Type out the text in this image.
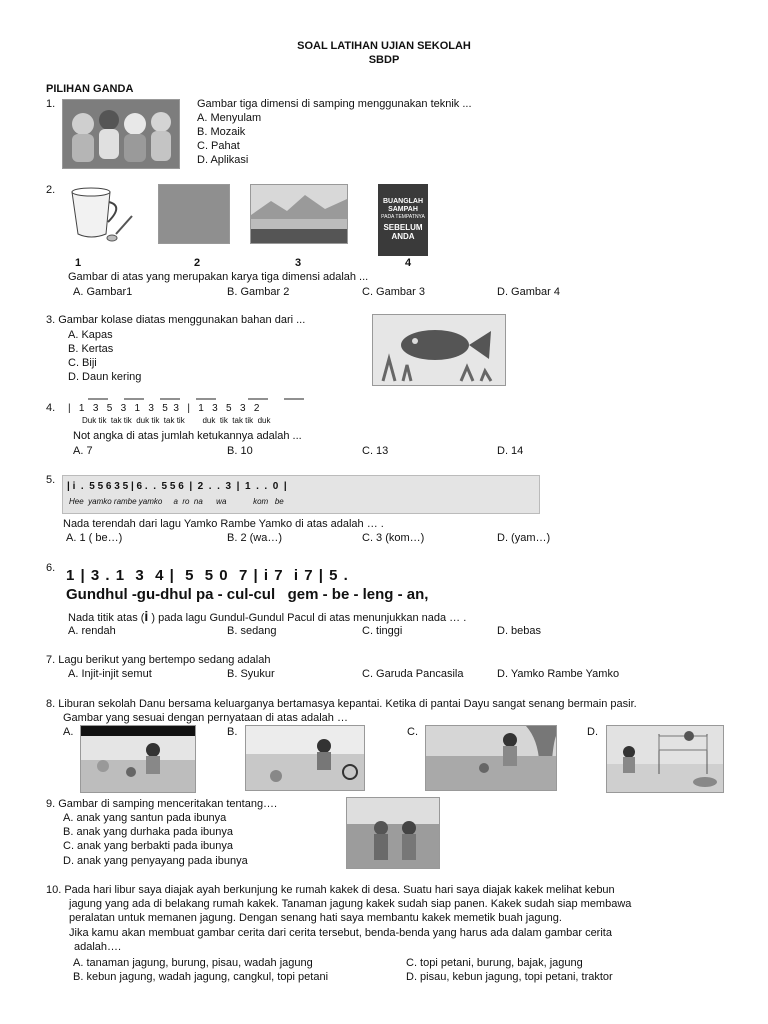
SOAL LATIHAN UJIAN SEKOLAH
SBDP
PILIHAN GANDA
1.	Gambar tiga dimensi di samping menggunakan teknik ...
A. Menyulam
B. Mozaik
C. Pahat
D. Aplikasi
2.
BUANGLAH
SAMPAH
PADA TEMPATNYA
SEBELUM
ANDA
1	2	3	4
Gambar di atas yang merupakan karya tiga dimensi adalah ...
A. Gambar1	B. Gambar 2	C. Gambar 3	D. Gambar 4
3. Gambar kolase diatas menggunakan bahan dari ...
A. Kapas
B. Kertas
C. Biji
D. Daun kering
4. |   1   3   5   3   1   3   5  3   |   1   3   5   3   2
Duk tik  tak tik  duk tik  tak tik        duk  tik  tak tik  duk
Not angka di atas jumlah ketukannya adalah ...
A. 7	B. 10	C. 13	D. 14
5.
| i  .  5 5 6 3 5 | 6 .  .  5 5 6  |  2  .  .  3  |  1  .  .  0  |
Hee  yamko rambe yamko     a  ro  na      wa            kom   be
Nada terendah dari lagu Yamko Rambe Yamko di atas adalah … .
A. 1 ( be…)	B. 2 (wa…)	C. 3 (kom…)	D. (yam…)
6. 1 | 3 . 1  3  4 |  5  5 0  7 | i 7  i 7 | 5 .
Gundhul -gu-dhul pa - cul-cul   gem - be - leng - an,
Nada titik atas (i ) pada lagu Gundul-Gundul Pacul di atas menunjukkan nada … .
A. rendah	B. sedang	C. tinggi	D. bebas
7. Lagu berikut yang bertempo sedang adalah
A. Injit-injit semut	B. Syukur	C. Garuda Pancasila	D. Yamko Rambe Yamko
8. Liburan sekolah Danu bersama keluarganya bertamasya kepantai. Ketika di pantai Dayu sangat senang bermain pasir.
Gambar yang sesuai dengan pernyataan di atas adalah …
A.	B.	C.	D.
9. Gambar di samping menceritakan tentang….
A. anak yang santun pada ibunya
B. anak yang durhaka pada ibunya
C. anak yang berbakti pada ibunya
D. anak yang penyayang pada ibunya
10. Pada hari libur saya diajak ayah berkunjung ke rumah kakek di desa. Suatu hari saya diajak kakek melihat kebun
jagung yang ada di belakang rumah kakek. Tanaman jagung kakek sudah siap panen. Kakek sudah siap membawa
peralatan untuk memanen jagung. Dengan senang hati saya membantu kakek memetik buah jagung.
Jika kamu akan membuat gambar cerita dari cerita tersebut, benda-benda yang harus ada dalam gambar cerita
adalah….
A. tanaman jagung, burung, pisau, wadah jagung	C. topi petani, burung, bajak, jagung
B. kebun jagung, wadah jagung, cangkul, topi petani	D. pisau, kebun jagung, topi petani, traktor
